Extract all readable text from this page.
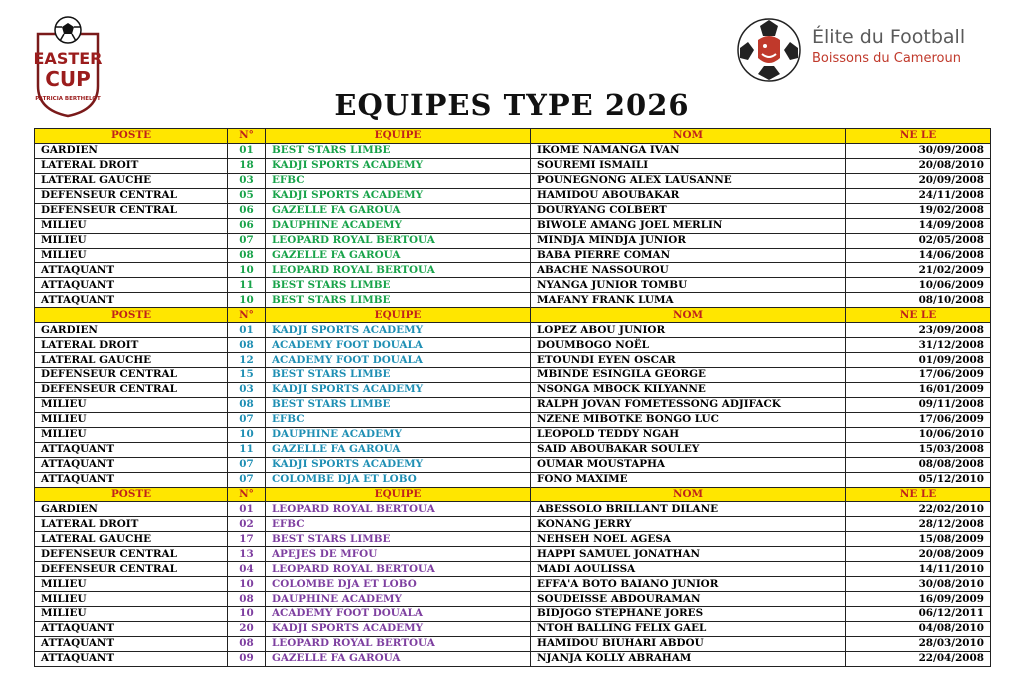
EASTER
CUP
PATRICIA BERTHELOT
Élite du Football
Boissons du Cameroun
EQUIPES TYPE 2026
POSTE	N°	EQUIPE	NOM	NE LE
GARDIEN	01	BEST STARS LIMBE	IKOME NAMANGA IVAN	30/09/2008
LATERAL DROIT	18	KADJI SPORTS ACADEMY	SOUREMI ISMAILI	20/08/2010
LATERAL GAUCHE	03	EFBC	POUNEGNONG ALEX LAUSANNE	20/09/2008
DEFENSEUR CENTRAL	05	KADJI SPORTS ACADEMY	HAMIDOU ABOUBAKAR	24/11/2008
DEFENSEUR CENTRAL	06	GAZELLE FA GAROUA	DOURYANG COLBERT	19/02/2008
MILIEU	06	DAUPHINE ACADEMY	BIWOLE AMANG JOEL MERLIN	14/09/2008
MILIEU	07	LEOPARD ROYAL BERTOUA	MINDJA MINDJA JUNIOR	02/05/2008
MILIEU	08	GAZELLE FA GAROUA	BABA PIERRE COMAN	14/06/2008
ATTAQUANT	10	LEOPARD ROYAL BERTOUA	ABACHE NASSOUROU	21/02/2009
ATTAQUANT	11	BEST STARS LIMBE	NYANGA JUNIOR TOMBU	10/06/2009
ATTAQUANT	10	BEST STARS LIMBE	MAFANY FRANK LUMA	08/10/2008
POSTE	N°	EQUIPE	NOM	NE LE
GARDIEN	01	KADJI SPORTS ACADEMY	LOPEZ ABOU JUNIOR	23/09/2008
LATERAL DROIT	08	ACADEMY FOOT DOUALA	DOUMBOGO NOËL	31/12/2008
LATERAL GAUCHE	12	ACADEMY FOOT DOUALA	ETOUNDI EYEN OSCAR	01/09/2008
DEFENSEUR CENTRAL	15	BEST STARS LIMBE	MBINDE ESINGILA GEORGE	17/06/2009
DEFENSEUR CENTRAL	03	KADJI SPORTS ACADEMY	NSONGA MBOCK KILYANNE	16/01/2009
MILIEU	08	BEST STARS LIMBE	RALPH JOVAN FOMETESSONG ADJIFACK	09/11/2008
MILIEU	07	EFBC	NZENE MIBOTKE BONGO LUC	17/06/2009
MILIEU	10	DAUPHINE ACADEMY	LEOPOLD TEDDY NGAH	10/06/2010
ATTAQUANT	11	GAZELLE FA GAROUA	SAID ABOUBAKAR SOULEY	15/03/2008
ATTAQUANT	07	KADJI SPORTS ACADEMY	OUMAR MOUSTAPHA	08/08/2008
ATTAQUANT	07	COLOMBE DJA ET LOBO	FONO MAXIME	05/12/2010
POSTE	N°	EQUIPE	NOM	NE LE
GARDIEN	01	LEOPARD ROYAL BERTOUA	ABESSOLO BRILLANT DILANE	22/02/2010
LATERAL DROIT	02	EFBC	KONANG JERRY	28/12/2008
LATERAL GAUCHE	17	BEST STARS LIMBE	NEHSEH NOEL AGESA	15/08/2009
DEFENSEUR CENTRAL	13	APEJES DE MFOU	HAPPI SAMUEL JONATHAN	20/08/2009
DEFENSEUR CENTRAL	04	LEOPARD ROYAL BERTOUA	MADI AOULISSA	14/11/2010
MILIEU	10	COLOMBE DJA ET LOBO	EFFA'A BOTO BAIANO JUNIOR	30/08/2010
MILIEU	08	DAUPHINE ACADEMY	SOUDEISSE ABDOURAMAN	16/09/2009
MILIEU	10	ACADEMY FOOT DOUALA	BIDJOGO STEPHANE JORES	06/12/2011
ATTAQUANT	20	KADJI SPORTS ACADEMY	NTOH BALLING FELIX GAEL	04/08/2010
ATTAQUANT	08	LEOPARD ROYAL BERTOUA	HAMIDOU BIUHARI ABDOU	28/03/2010
ATTAQUANT	09	GAZELLE FA GAROUA	NJANJA KOLLY ABRAHAM	22/04/2008
